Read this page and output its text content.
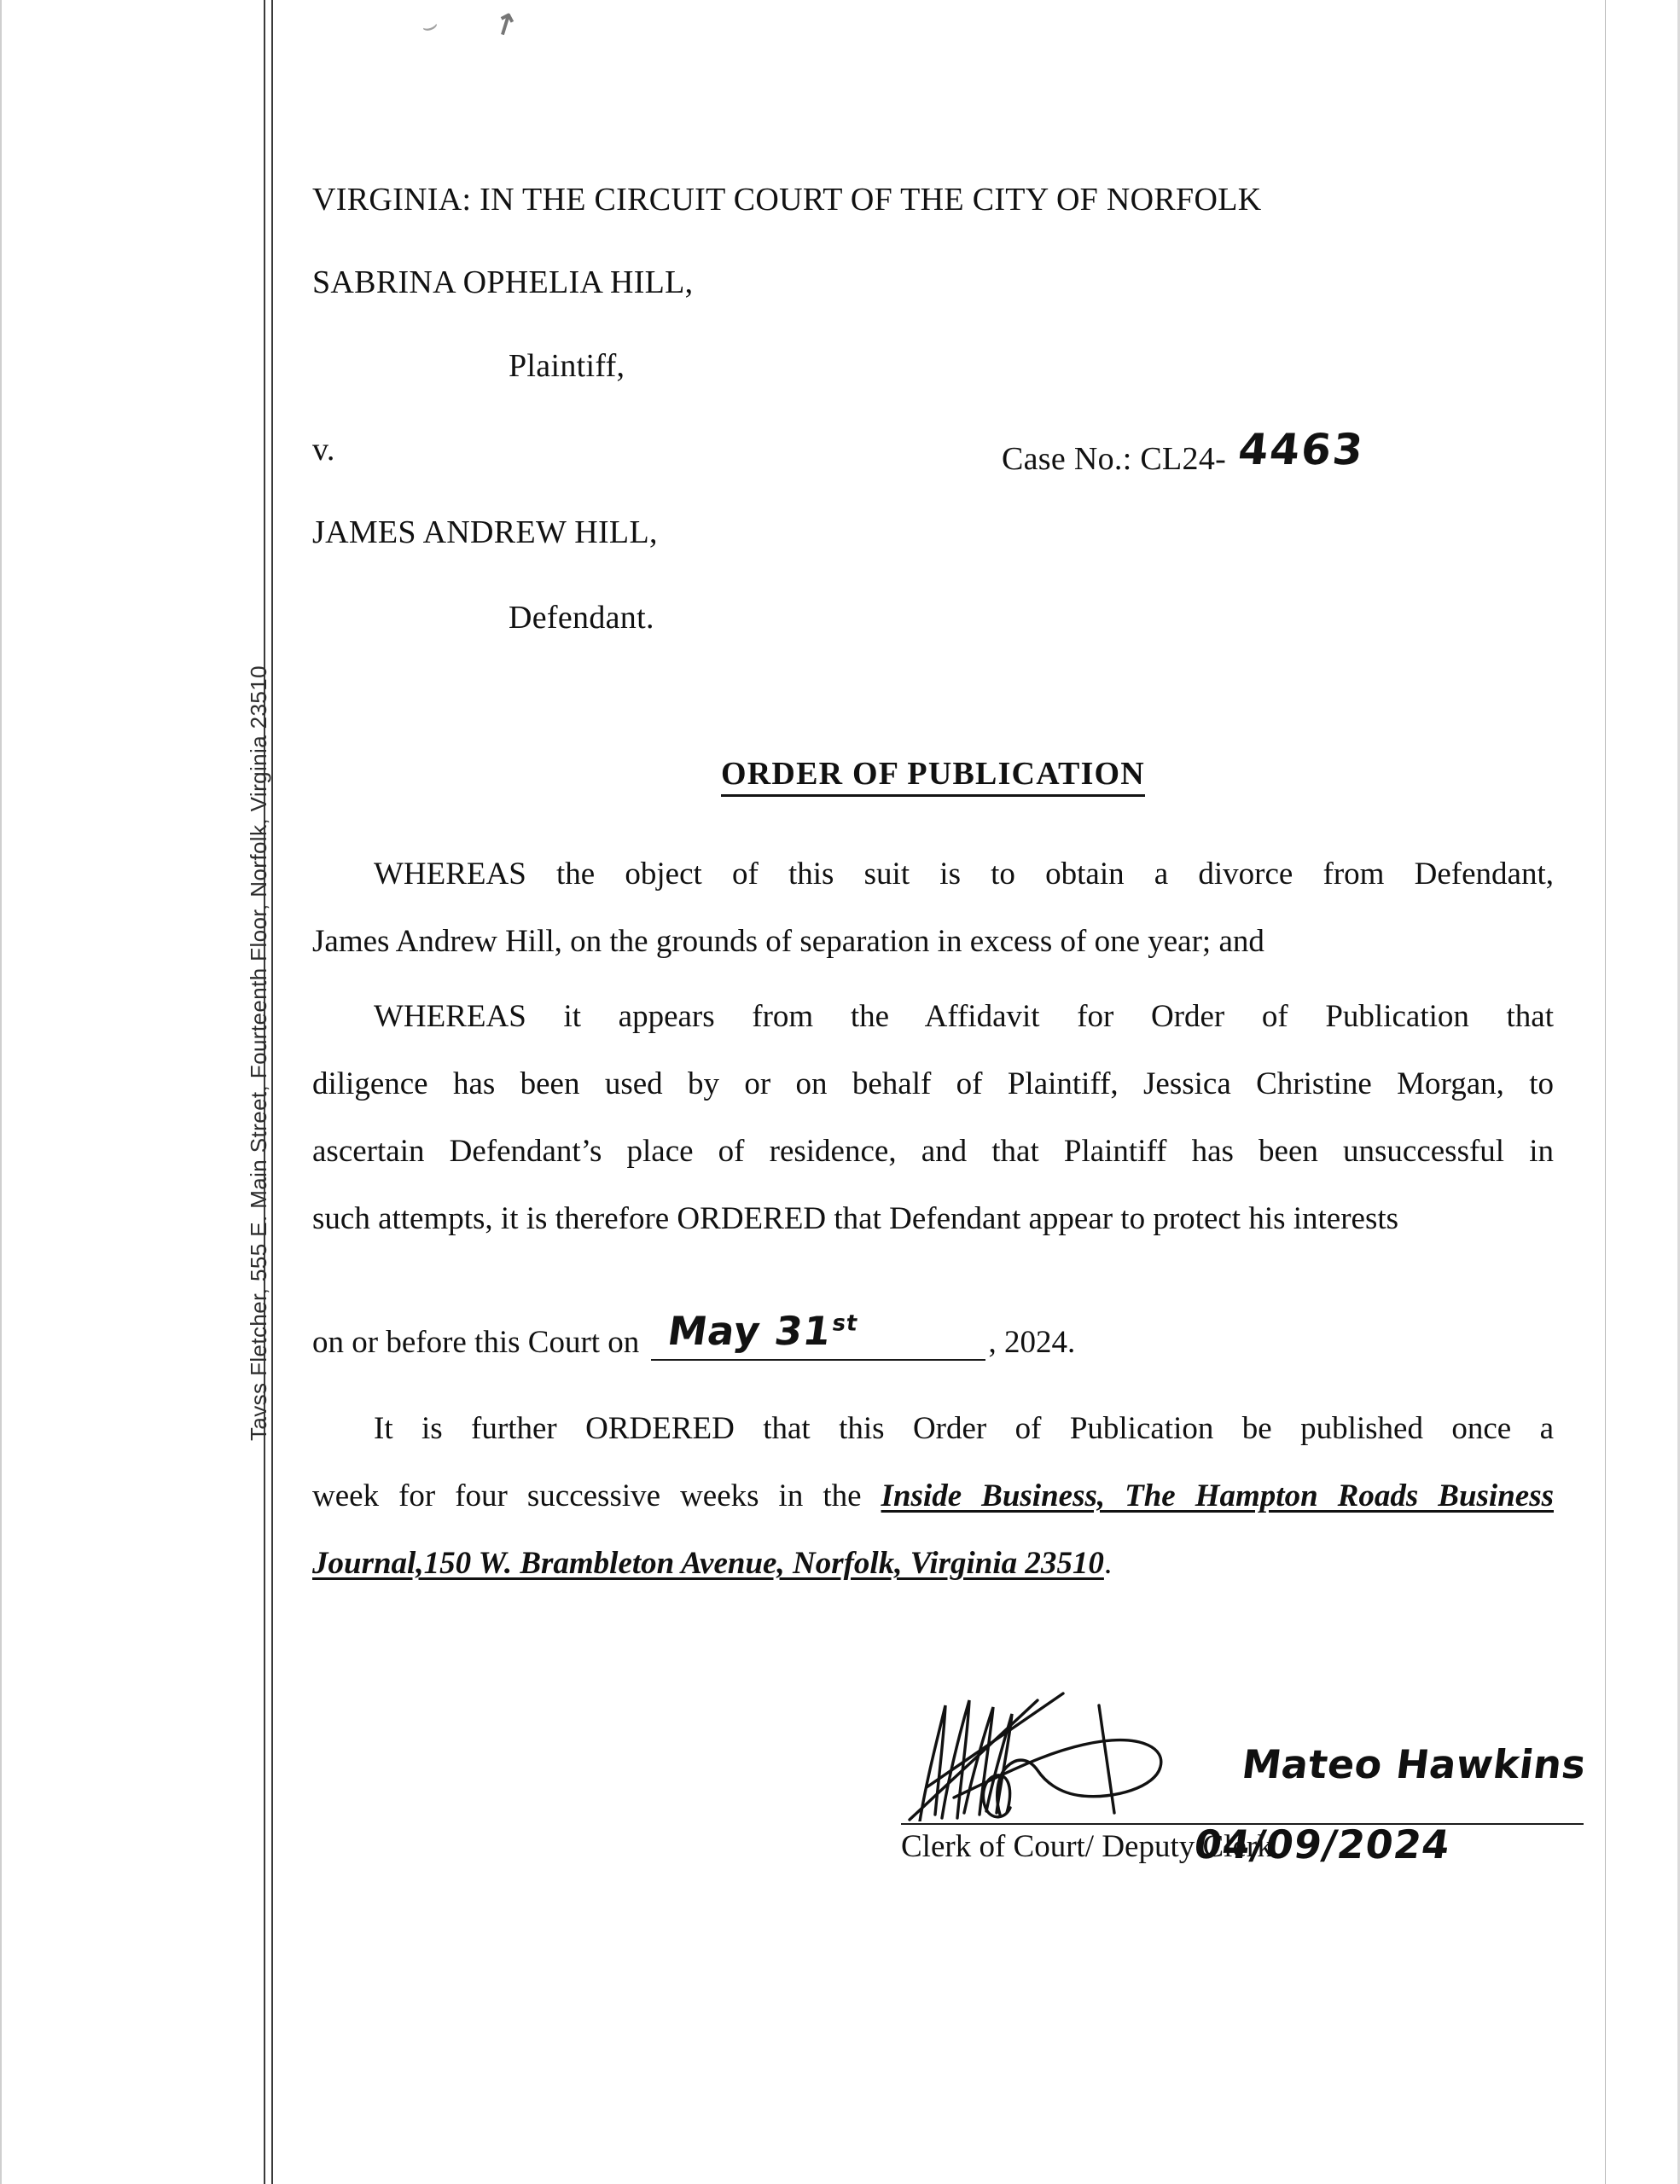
⌣ ↗
Tavss Fletcher, 555 E. Main Street, Fourteenth Floor, Norfolk, Virginia 23510
VIRGINIA: IN THE CIRCUIT COURT OF THE CITY OF NORFOLK
SABRINA OPHELIA HILL,
Plaintiff,
v.	Case No.: CL24- 4463
JAMES ANDREW HILL,
Defendant.
ORDER OF PUBLICATION
WHEREAS the object of this suit is to obtain a divorce from Defendant,
James Andrew Hill, on the grounds of separation in excess of one year; and
WHEREAS it appears from the Affidavit for Order of Publication that
diligence has been used by or on behalf of Plaintiff, Jessica Christine Morgan, to
ascertain Defendant’s place of residence, and that Plaintiff has been unsuccessful in
such attempts, it is therefore ORDERED that Defendant appear to protect his interests
on or before this Court on May 31st
, 2024.
It is further ORDERED that this Order of Publication be published once a
week for four successive weeks in the Inside Business, The Hampton Roads Business
Journal,150 W. Brambleton Avenue, Norfolk, Virginia 23510.
Mateo Hawkins
Clerk of Court/ Deputy Clerk
04/09/2024
